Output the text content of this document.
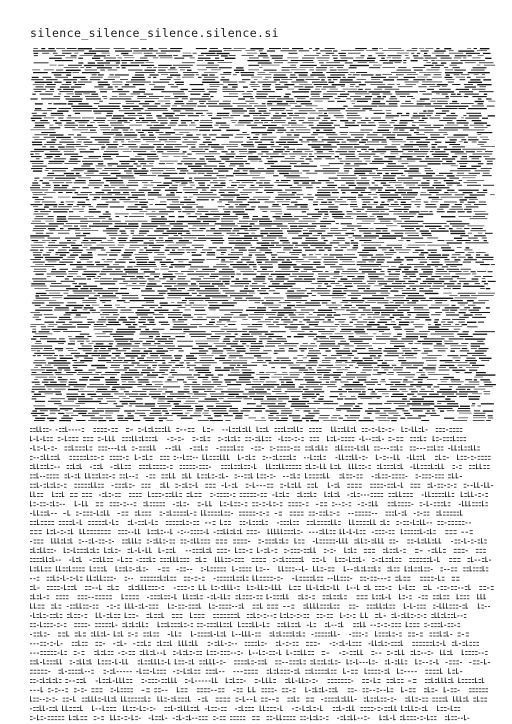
silence_silence_silence.silence.si
